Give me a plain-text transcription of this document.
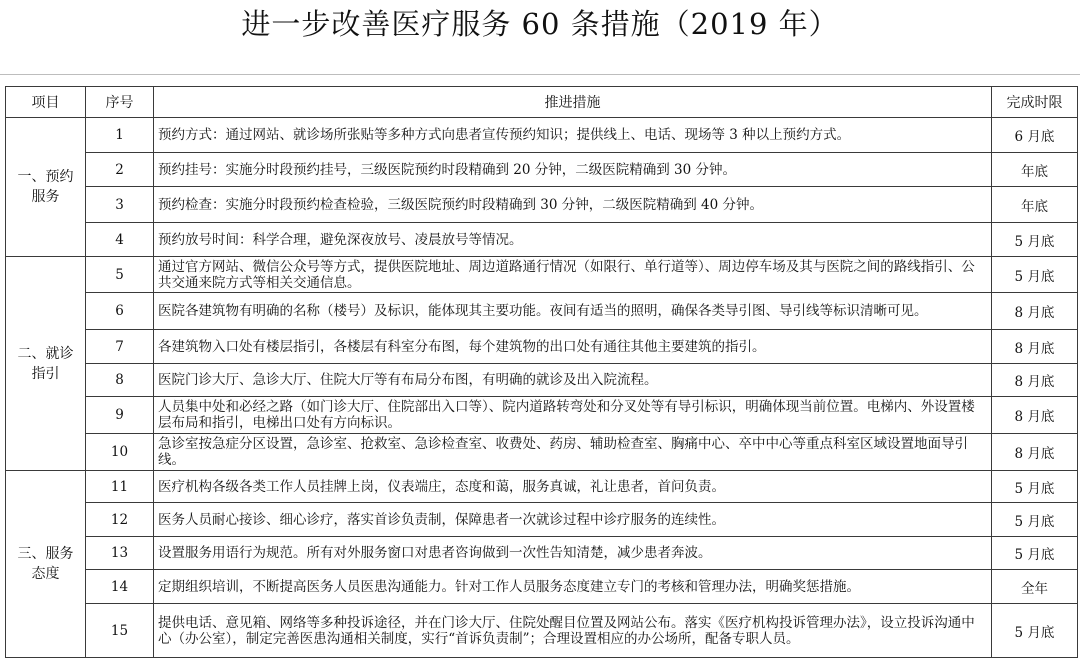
进一步改善医疗服务 60 条措施（2019 年）
项目	序号	推进措施	完成时限

一、预约
服务	1	预约方式：通过网站、就诊场所张贴等多种方式向患者宣传预约知识；提供线上、电话、现场等 3 种以上预约方式。	6 月底
	2	预约挂号：实施分时段预约挂号，三级医院预约时段精确到 20 分钟，二级医院精确到 30 分钟。	年底
	3	预约检查：实施分时段预约检查检验，三级医院预约时段精确到 30 分钟，二级医院精确到 40 分钟。	年底
	4	预约放号时间：科学合理，避免深夜放号、凌晨放号等情况。	5 月底

二、就诊
指引	5	通过官方网站、微信公众号等方式，提供医院地址、周边道路通行情况（如限行、单行道等）、周边停车场及其与医院之间的路线指引、公共交通来院方式等相关交通信息。	5 月底
	6	医院各建筑物有明确的名称（楼号）及标识，能体现其主要功能。夜间有适当的照明，确保各类导引图、导引线等标识清晰可见。	8 月底
	7	各建筑物入口处有楼层指引，各楼层有科室分布图，每个建筑物的出口处有通往其他主要建筑的指引。	8 月底
	8	医院门诊大厅、急诊大厅、住院大厅等有布局分布图，有明确的就诊及出入院流程。	8 月底
	9	人员集中处和必经之路（如门诊大厅、住院部出入口等）、院内道路转弯处和分叉处等有导引标识，明确体现当前位置。电梯内、外设置楼层布局和指引，电梯出口处有方向标识。	8 月底
	10	急诊室按急症分区设置，急诊室、抢救室、急诊检查室、收费处、药房、辅助检查室、胸痛中心、卒中中心等重点科室区域设置地面导引线。	8 月底

三、服务
态度	11	医疗机构各级各类工作人员挂牌上岗，仪表端庄，态度和蔼，服务真诚，礼让患者，首问负责。	5 月底
	12	医务人员耐心接诊、细心诊疗，落实首诊负责制，保障患者一次就诊过程中诊疗服务的连续性。	5 月底
	13	设置服务用语行为规范。所有对外服务窗口对患者咨询做到一次性告知清楚，减少患者奔波。	5 月底
	14	定期组织培训，不断提高医务人员医患沟通能力。针对工作人员服务态度建立专门的考核和管理办法，明确奖惩措施。	全年
	15	提供电话、意见箱、网络等多种投诉途径，并在门诊大厅、住院处醒目位置及网站公布。落实《医疗机构投诉管理办法》，设立投诉沟通中心（办公室），制定完善医患沟通相关制度，实行“首诉负责制”；合理设置相应的办公场所，配备专职人员。	5 月底
